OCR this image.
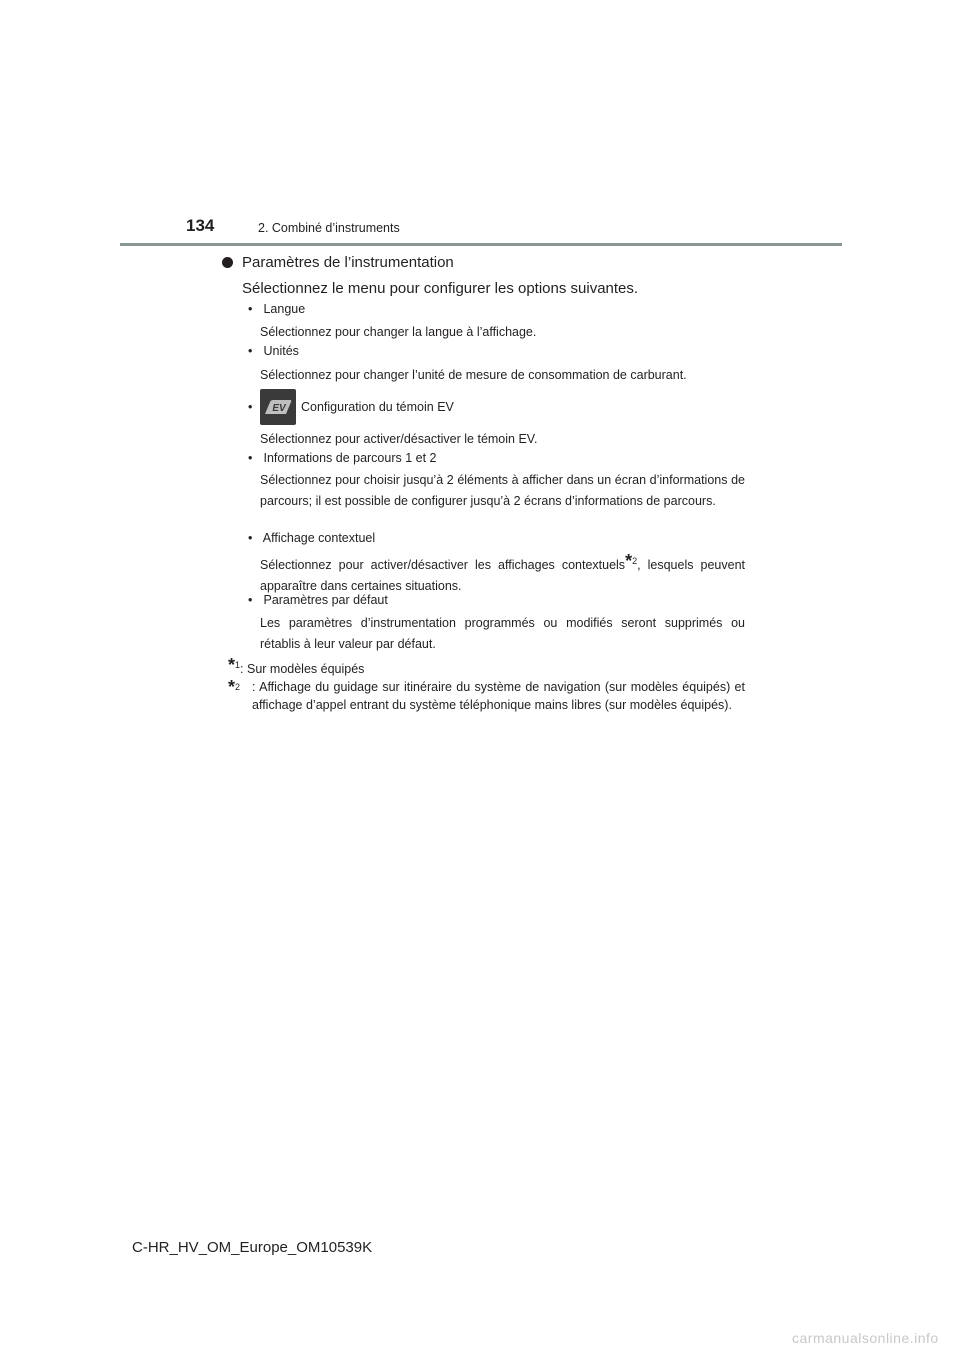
134	2. Combiné d’instruments
Paramètres de l’instrumentation
Sélectionnez le menu pour configurer les options suivantes.
• Langue
Sélectionnez pour changer la langue à l’affichage.
• Unités
Sélectionnez pour changer l’unité de mesure de consommation de carburant.
•	EV Configuration du témoin EV
Sélectionnez pour activer/désactiver le témoin EV.
• Informations de parcours 1 et 2
Sélectionnez pour choisir jusqu’à 2 éléments à afficher dans un écran d’informations de parcours; il est possible de configurer jusqu’à 2 écrans d’informations de parcours.
• Affichage contextuel
Sélectionnez pour activer/désactiver les affichages contextuels*$^2$, lesquels peuvent apparaître dans certaines situations.
• Paramètres par défaut
Les paramètres d’instrumentation programmés ou modifiés seront supprimés ou rétablis à leur valeur par défaut.
*$^1$: Sur modèles équipés
*$^2$ : Affichage du guidage sur itinéraire du système de navigation (sur modèles équipés) et affichage d’appel entrant du système téléphonique mains libres (sur modèles équipés).
C-HR_HV_OM_Europe_OM10539K
carmanualsonline.info
